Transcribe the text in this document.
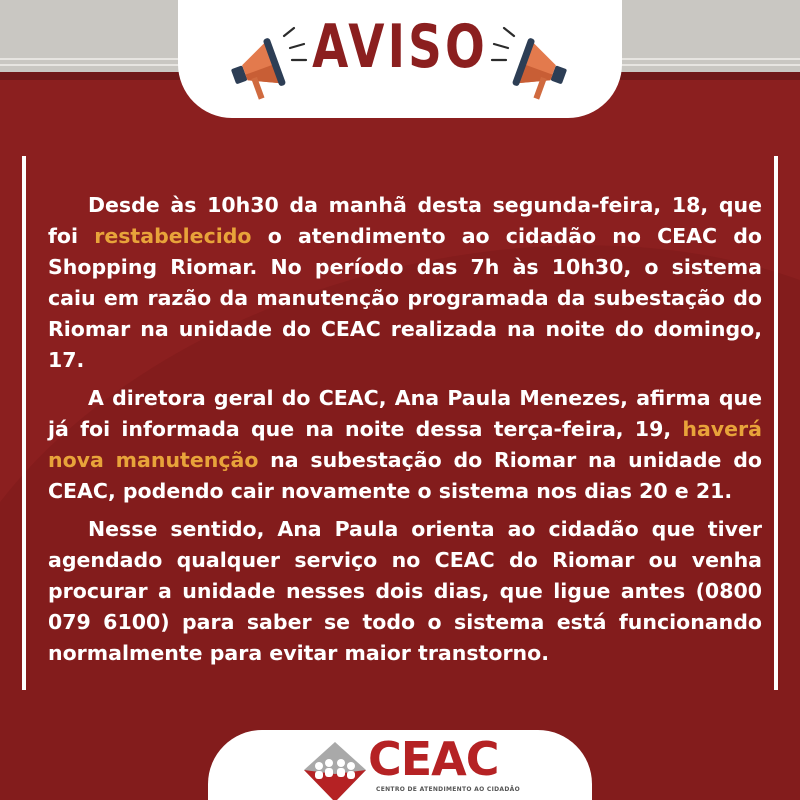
AVISO

Desde às 10h30 da manhã desta segunda-feira, 18, que foi restabelecido o atendimento ao cidadão no CEAC do Shopping Riomar. No período das 7h às 10h30, o sistema caiu em razão da manutenção programada da subestação do Riomar na unidade do CEAC realizada na noite do domingo, 17.

A diretora geral do CEAC, Ana Paula Menezes, afirma que já foi informada que na noite dessa terça-feira, 19, haverá nova manutenção na subestação do Riomar na unidade do CEAC, podendo cair novamente o sistema nos dias 20 e 21.

Nesse sentido, Ana Paula orienta ao cidadão que tiver agendado qualquer serviço no CEAC do Riomar ou venha procurar a unidade nesses dois dias, que ligue antes (0800 079 6100) para saber se todo o sistema está funcionando normalmente para evitar maior transtorno.

CEAC
CENTRO DE ATENDIMENTO AO CIDADÃO
